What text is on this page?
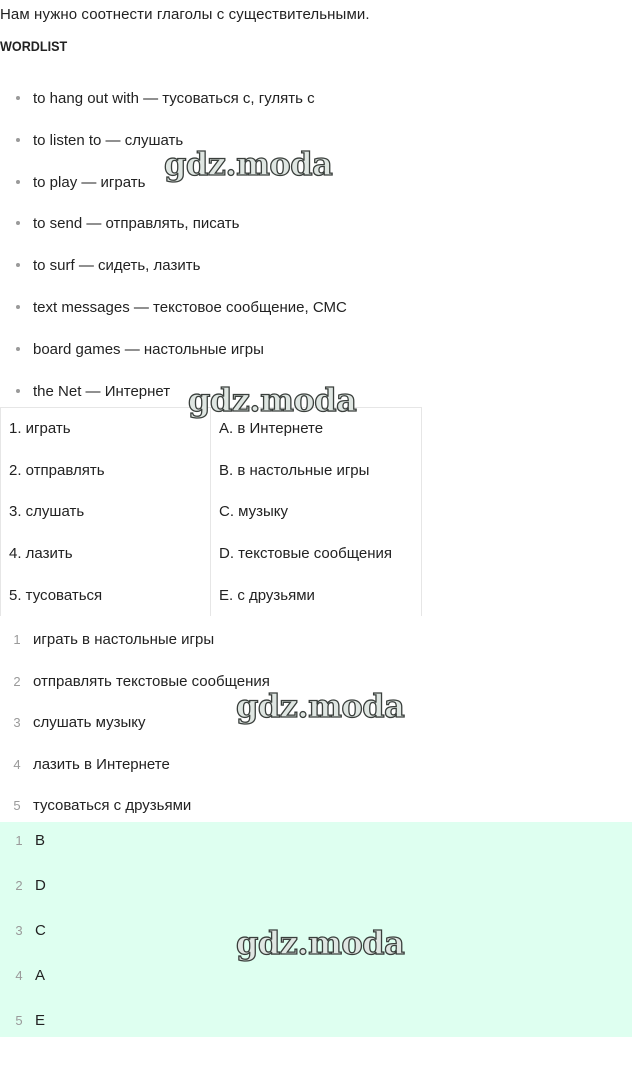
Нам нужно соотнести глаголы с существительными.
WORDLIST
to hang out with — тусоваться с, гулять с
to listen to — слушать
to play — играть
to send — отправлять, писать
to surf — сидеть, лазить
text messages — текстовое сообщение, СМС
board games — настольные игры
the Net — Интернет
1. играть	A. в Интернете
2. отправлять	B. в настольные игры
3. слушать	C. музыку
4. лазить	D. текстовые сообщения
5. тусоваться	E. с друзьями
1 играть в настольные игры
2 отправлять текстовые сообщения
3 слушать музыку
4 лазить в Интернете
5 тусоваться с друзьями
1 B
2 D
3 C
4 A
5 E
gdz.moda
gdz.moda
gdz.moda
gdz.moda
